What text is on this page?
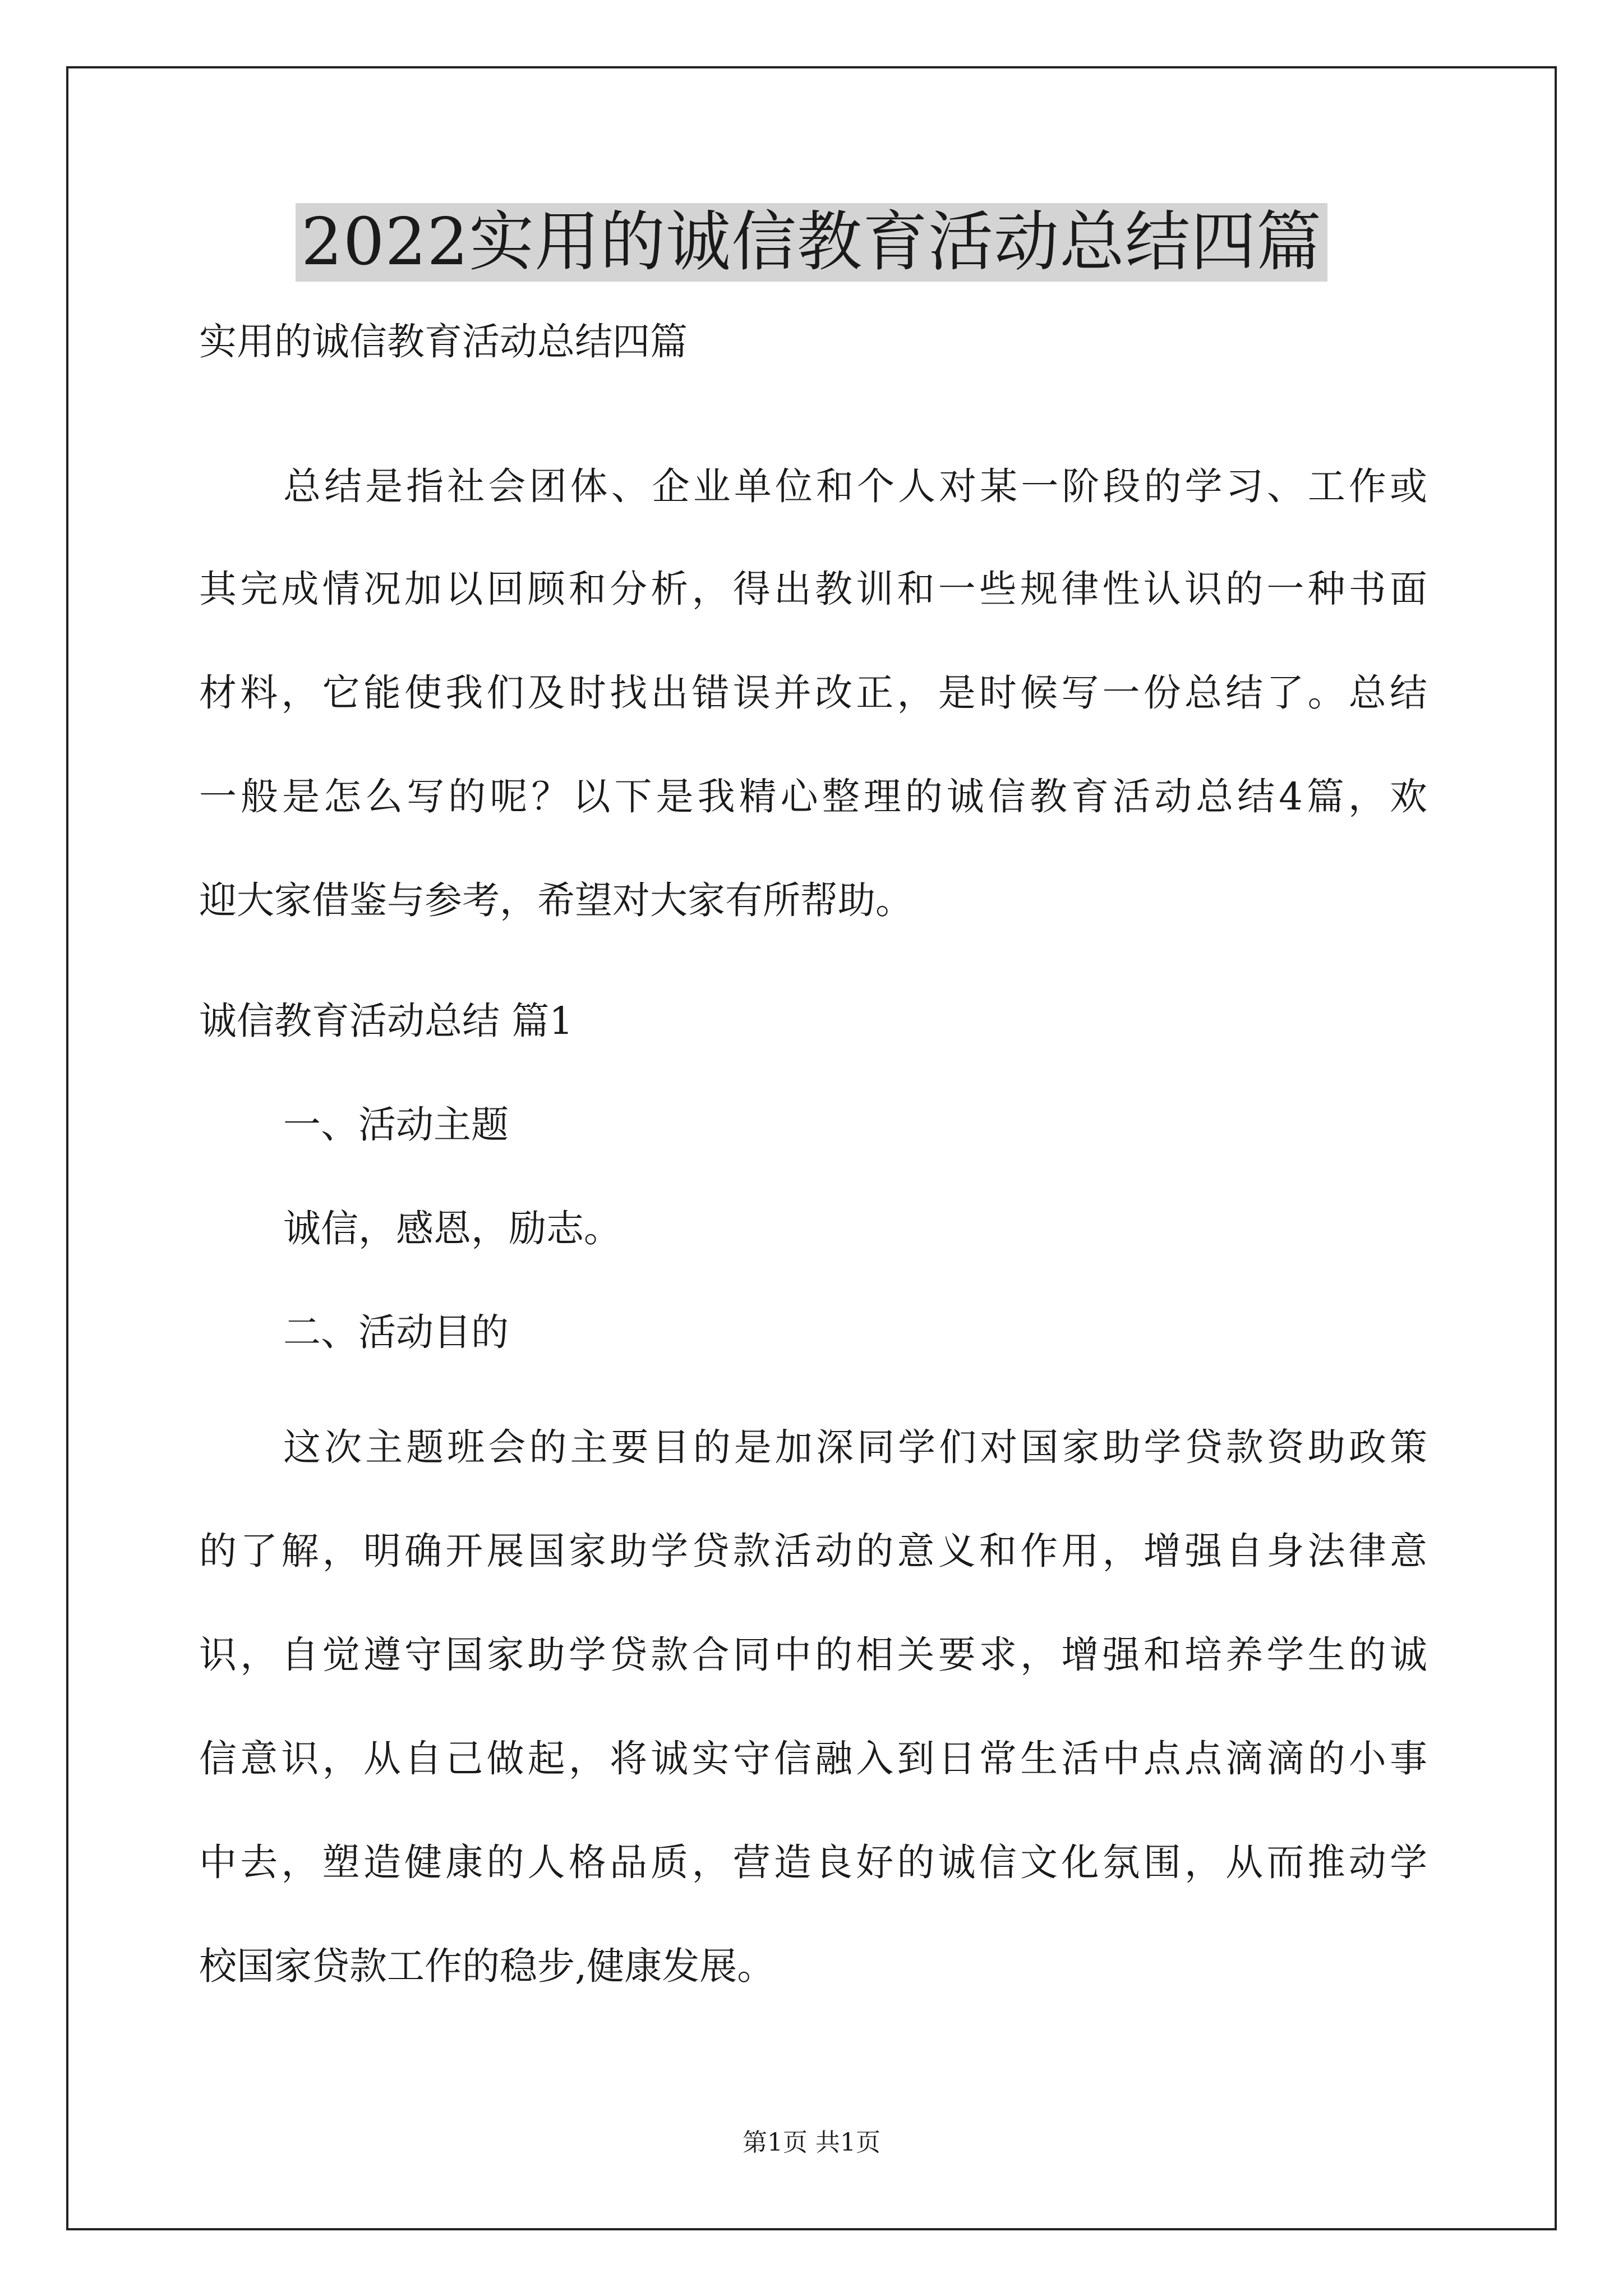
2022实用的诚信教育活动总结四篇
实用的诚信教育活动总结四篇
总结是指社会团体、企业单位和个人对某一阶段的学习、工作或
其完成情况加以回顾和分析，得出教训和一些规律性认识的一种书面
材料，它能使我们及时找出错误并改正，是时候写一份总结了。总结
一般是怎么写的呢？以下是我精心整理的诚信教育活动总结4篇，欢
迎大家借鉴与参考，希望对大家有所帮助。
诚信教育活动总结 篇1
一、活动主题
诚信，感恩，励志。
二、活动目的
这次主题班会的主要目的是加深同学们对国家助学贷款资助政策
的了解，明确开展国家助学贷款活动的意义和作用，增强自身法律意
识，自觉遵守国家助学贷款合同中的相关要求，增强和培养学生的诚
信意识，从自己做起，将诚实守信融入到日常生活中点点滴滴的小事
中去，塑造健康的人格品质，营造良好的诚信文化氛围，从而推动学
校国家贷款工作的稳步,健康发展。
第1页 共1页
